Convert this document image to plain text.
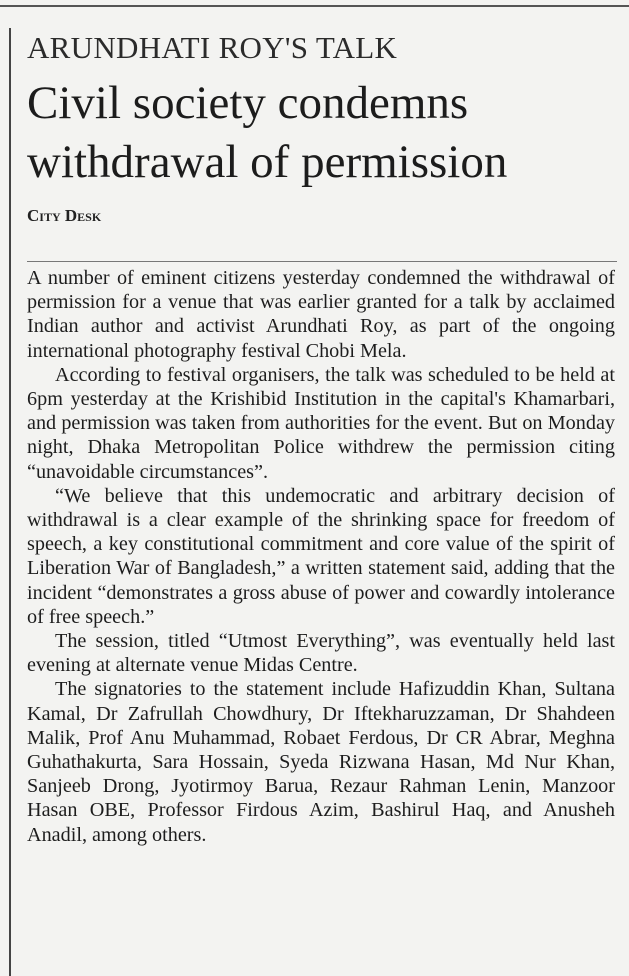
ARUNDHATI ROY'S TALK
Civil society condemns
withdrawal of permission
City Desk

A number of eminent citizens yesterday condemned the withdrawal of permission for a venue that was earlier granted for a talk by acclaimed Indian author and activist Arundhati Roy, as part of the ongoing international photography festival Chobi Mela.

According to festival organisers, the talk was scheduled to be held at 6pm yesterday at the Krishibid Institution in the capital's Khamarbari, and permission was taken from authorities for the event. But on Monday night, Dhaka Metropolitan Police withdrew the permission citing “unavoidable circumstances”.

“We believe that this undemocratic and arbitrary decision of withdrawal is a clear example of the shrinking space for freedom of speech, a key constitutional commitment and core value of the spirit of Liberation War of Bangladesh,” a written statement said, adding that the incident “demonstrates a gross abuse of power and cowardly intolerance of free speech.”

The session, titled “Utmost Everything”, was eventually held last evening at alternate venue Midas Centre.

The signatories to the statement include Hafizuddin Khan, Sultana Kamal, Dr Zafrullah Chowdhury, Dr Iftekharuzzaman, Dr Shahdeen Malik, Prof Anu Muhammad, Robaet Ferdous, Dr CR Abrar, Meghna Guhathakurta, Sara Hossain, Syeda Rizwana Hasan, Md Nur Khan, Sanjeeb Drong, Jyotirmoy Barua, Rezaur Rahman Lenin, Manzoor Hasan OBE, Professor Firdous Azim, Bashirul Haq, and Anusheh Anadil, among others.
